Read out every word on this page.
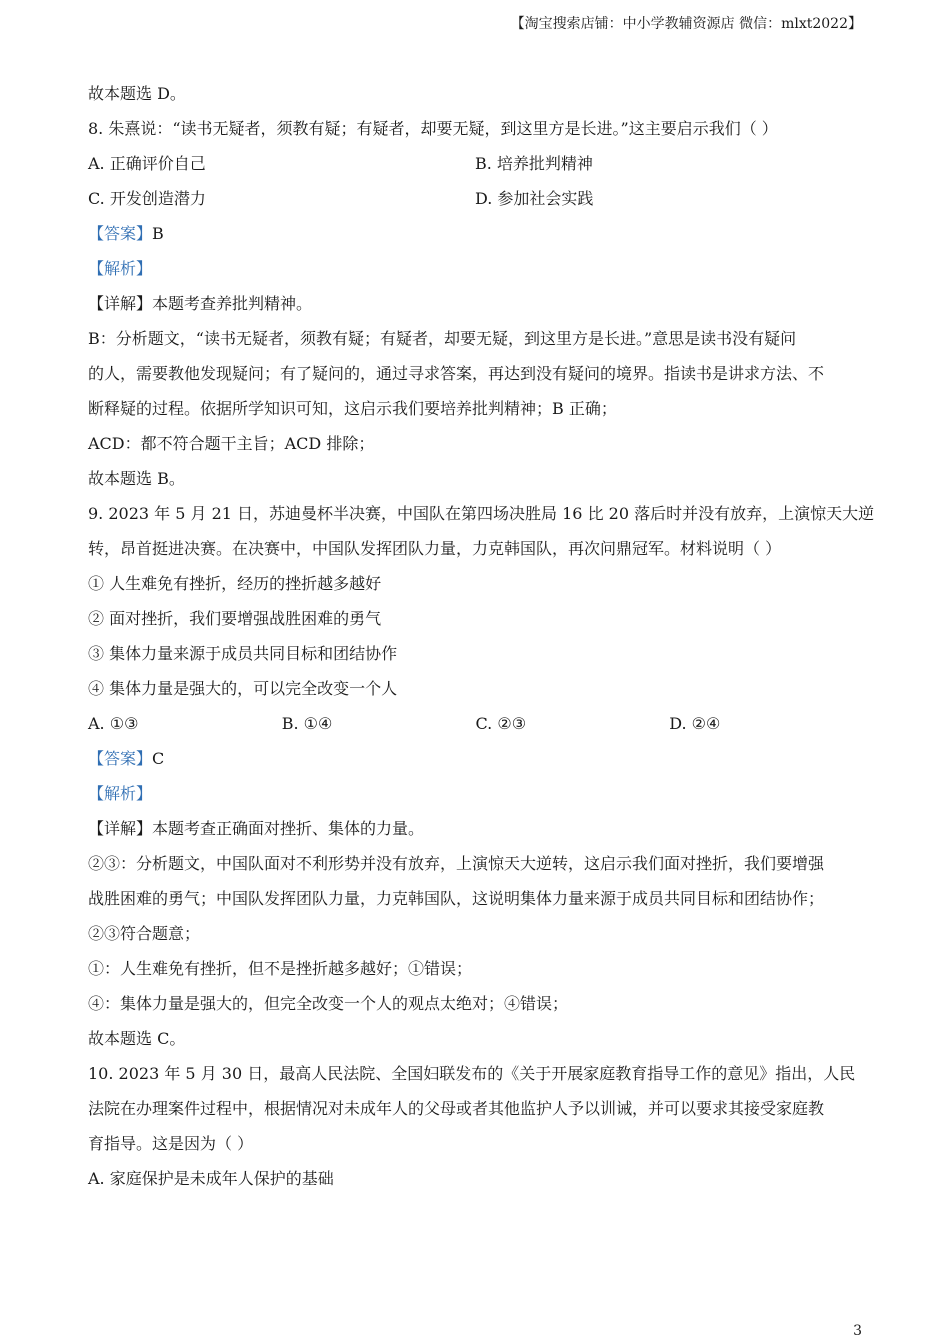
【淘宝搜索店铺：中小学教辅资源店 微信：mlxt2022】
故本题选 D。
8. 朱熹说：“读书无疑者，须教有疑；有疑者，却要无疑，到这里方是长进。”这主要启示我们（ ）
A. 正确评价自己	B. 培养批判精神
C. 开发创造潜力	D. 参加社会实践
【答案】B
【解析】
【详解】本题考查养批判精神。
B：分析题文，“读书无疑者，须教有疑；有疑者，却要无疑，到这里方是长进。”意思是读书没有疑问
的人，需要教他发现疑问；有了疑问的，通过寻求答案，再达到没有疑问的境界。指读书是讲求方法、不
断释疑的过程。依据所学知识可知，这启示我们要培养批判精神；B 正确；
ACD：都不符合题干主旨；ACD 排除；
故本题选 B。
9. 2023 年 5 月 21 日，苏迪曼杯半决赛，中国队在第四场决胜局 16 比 20 落后时并没有放弃，上演惊天大逆
转，昂首挺进决赛。在决赛中，中国队发挥团队力量，力克韩国队，再次问鼎冠军。材料说明（ ）
① 人生难免有挫折，经历的挫折越多越好
② 面对挫折，我们要增强战胜困难的勇气
③ 集体力量来源于成员共同目标和团结协作
④ 集体力量是强大的，可以完全改变一个人
A. ①③	B. ①④	C. ②③	D. ②④
【答案】C
【解析】
【详解】本题考查正确面对挫折、集体的力量。
②③：分析题文，中国队面对不利形势并没有放弃，上演惊天大逆转，这启示我们面对挫折，我们要增强
战胜困难的勇气；中国队发挥团队力量，力克韩国队，这说明集体力量来源于成员共同目标和团结协作；
②③符合题意；
①：人生难免有挫折，但不是挫折越多越好；①错误；
④：集体力量是强大的，但完全改变一个人的观点太绝对；④错误；
故本题选 C。
10. 2023 年 5 月 30 日，最高人民法院、全国妇联发布的《关于开展家庭教育指导工作的意见》指出，人民
法院在办理案件过程中，根据情况对未成年人的父母或者其他监护人予以训诫，并可以要求其接受家庭教
育指导。这是因为（ ）
A. 家庭保护是未成年人保护的基础
3
